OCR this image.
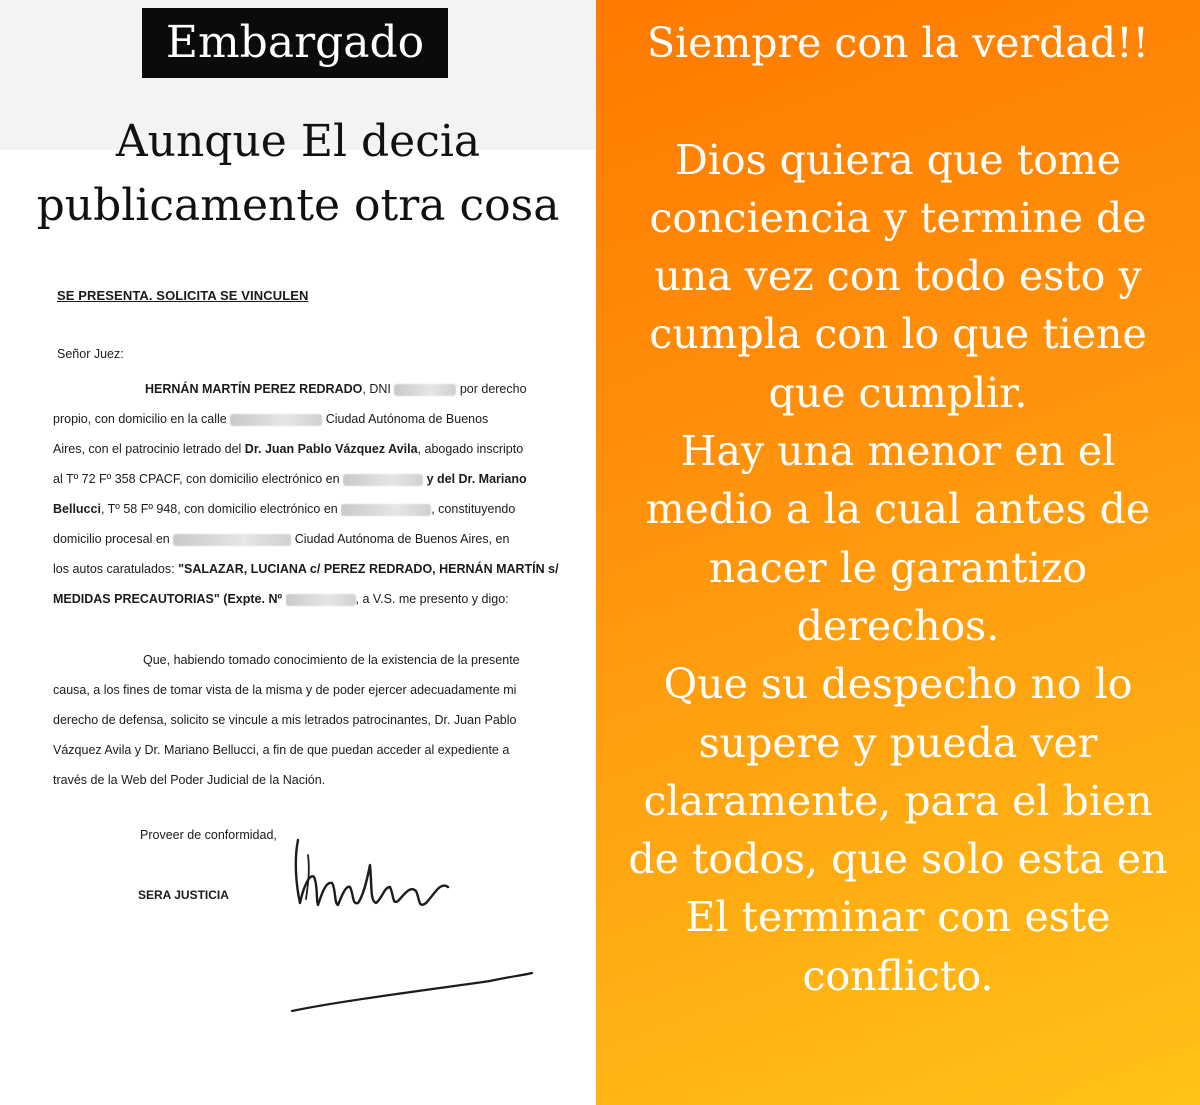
Embargado
Aunque El decia
publicamente otra cosa
SE PRESENTA. SOLICITA SE VINCULEN
Señor Juez:
HERNÁN MARTÍN PEREZ REDRADO, DNI	por derecho
propio, con domicilio en la calle	Ciudad Autónoma de Buenos
Aires, con el patrocinio letrado del Dr. Juan Pablo Vázquez Avila, abogado inscripto
al Tº 72 Fº 358 CPACF, con domicilio electrónico en	y del Dr. Mariano
Bellucci, Tº 58 Fº 948, con domicilio electrónico en	, constituyendo
domicilio procesal en	Ciudad Autónoma de Buenos Aires, en
los autos caratulados: "SALAZAR, LUCIANA c/ PEREZ REDRADO, HERNÁN MARTÍN s/
MEDIDAS PRECAUTORIAS" (Expte. Nº	, a V.S. me presento y digo:
Que, habiendo tomado conocimiento de la existencia de la presente
causa, a los fines de tomar vista de la misma y de poder ejercer adecuadamente mi
derecho de defensa, solicito se vincule a mis letrados patrocinantes, Dr. Juan Pablo
Vázquez Avila y Dr. Mariano Bellucci, a fin de que puedan acceder al expediente a
través de la Web del Poder Judicial de la Nación.
Proveer de conformidad,
SERA JUSTICIA
Siempre con la verdad!!
Dios quiera que tome
conciencia y termine de
una vez con todo esto y
cumpla con lo que tiene
que cumplir.
Hay una menor en el
medio a la cual antes de
nacer le garantizo
derechos.
Que su despecho no lo
supere y pueda ver
claramente, para el bien
de todos, que solo esta en
El terminar con este
conflicto.
